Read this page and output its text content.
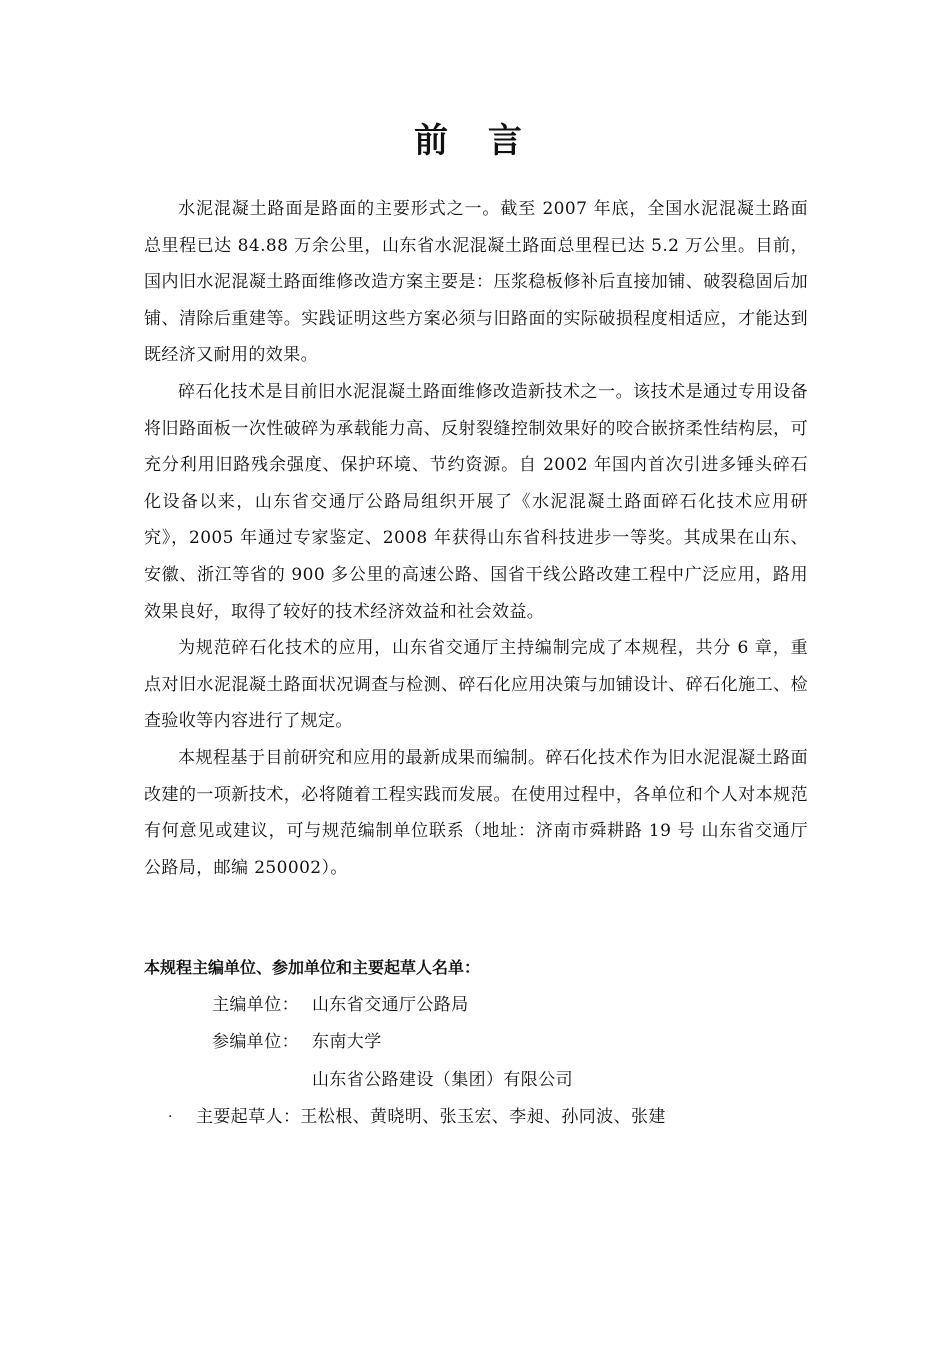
前 言

水泥混凝土路面是路面的主要形式之一。截至 2007 年底，全国水泥混凝土路面总里程已达 84.88 万余公里，山东省水泥混凝土路面总里程已达 5.2 万公里。目前，国内旧水泥混凝土路面维修改造方案主要是：压浆稳板修补后直接加铺、破裂稳固后加铺、清除后重建等。实践证明这些方案必须与旧路面的实际破损程度相适应，才能达到既经济又耐用的效果。

碎石化技术是目前旧水泥混凝土路面维修改造新技术之一。该技术是通过专用设备将旧路面板一次性破碎为承载能力高、反射裂缝控制效果好的咬合嵌挤柔性结构层，可充分利用旧路残余强度、保护环境、节约资源。自 2002 年国内首次引进多锤头碎石化设备以来，山东省交通厅公路局组织开展了《水泥混凝土路面碎石化技术应用研究》，2005 年通过专家鉴定、2008 年获得山东省科技进步一等奖。其成果在山东、安徽、浙江等省的 900 多公里的高速公路、国省干线公路改建工程中广泛应用，路用效果良好，取得了较好的技术经济效益和社会效益。

为规范碎石化技术的应用，山东省交通厅主持编制完成了本规程，共分 6 章，重点对旧水泥混凝土路面状况调查与检测、碎石化应用决策与加铺设计、碎石化施工、检查验收等内容进行了规定。

本规程基于目前研究和应用的最新成果而编制。碎石化技术作为旧水泥混凝土路面改建的一项新技术，必将随着工程实践而发展。在使用过程中，各单位和个人对本规范有何意见或建议，可与规范编制单位联系（地址：济南市舜耕路 19 号 山东省交通厅公路局，邮编 250002）。

本规程主编单位、参加单位和主要起草人名单：
主编单位： 山东省交通厅公路局
参编单位： 东南大学
山东省公路建设（集团）有限公司
· 主要起草人：王松根、黄晓明、张玉宏、李昶、孙同波、张建
